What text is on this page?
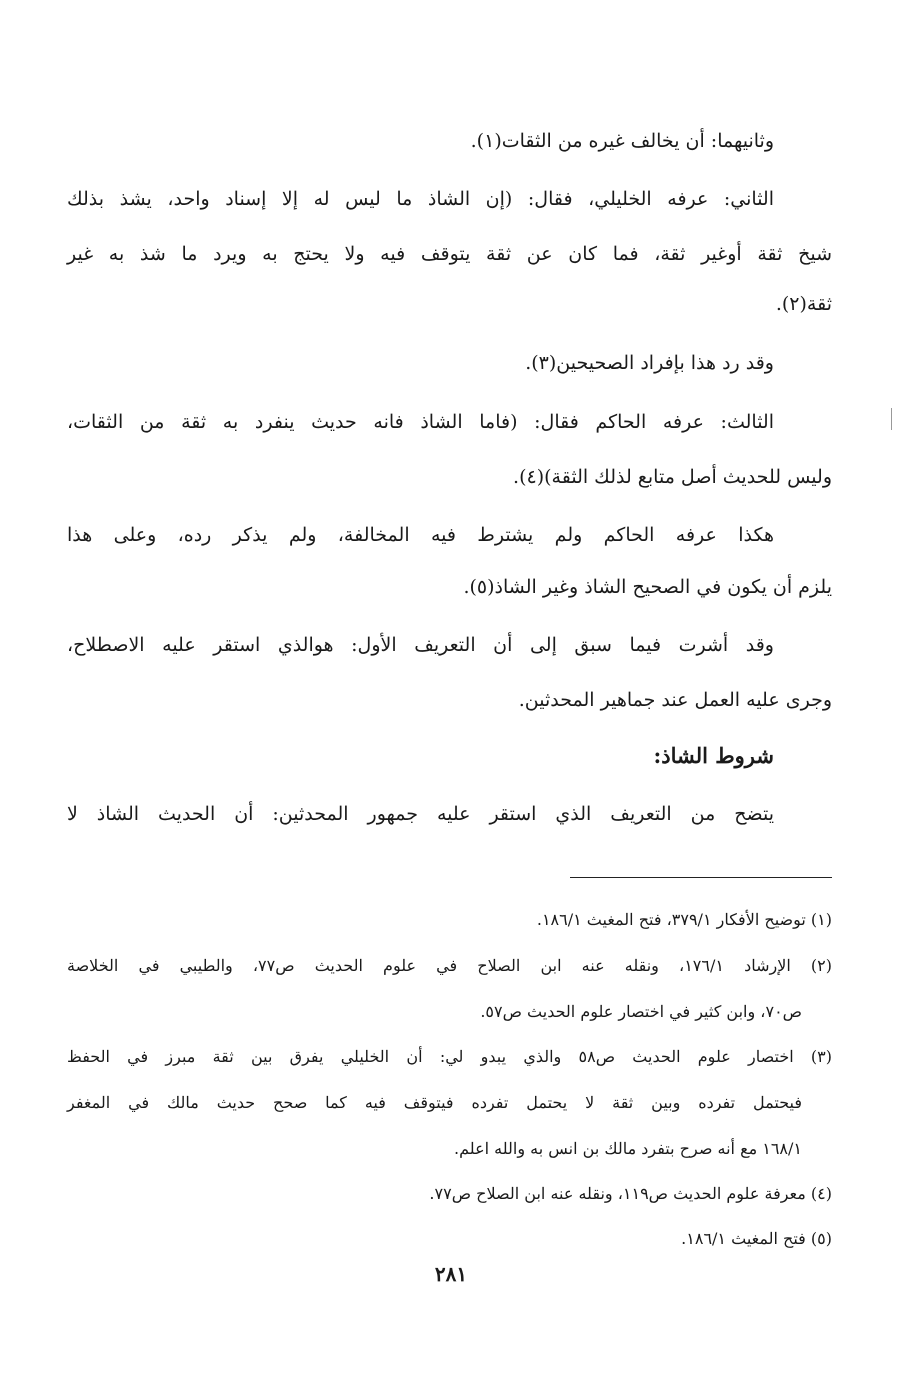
وثانيهما: أن يخالف غيره من الثقات(١).
الثاني: عرفه الخليلي، فقال: (إن الشاذ ما ليس له إلا إسناد واحد، يشذ بذلك
شيخ ثقة أوغير ثقة، فما كان عن ثقة يتوقف فيه ولا يحتج به ويرد ما شذ به غير
ثقة(٢).
وقد رد هذا بإفراد الصحيحين(٣).
الثالث: عرفه الحاكم فقال: (فاما الشاذ فانه حديث ينفرد به ثقة من الثقات،
وليس للحديث أصل متابع لذلك الثقة)(٤).
هكذا عرفه الحاكم ولم يشترط فيه المخالفة، ولم يذكر رده، وعلى هذا
يلزم أن يكون في الصحيح الشاذ وغير الشاذ(٥).
وقد أشرت فيما سبق إلى أن التعريف الأول: هوالذي استقر عليه الاصطلاح،
وجرى عليه العمل عند جماهير المحدثين.
شروط الشاذ:
يتضح من التعريف الذي استقر عليه جمهور المحدثين: أن الحديث الشاذ لا
(١) توضيح الأفكار ٣٧٩/١، فتح المغيث ١٨٦/١.
(٢) الإرشاد ١٧٦/١، ونقله عنه ابن الصلاح في علوم الحديث ص٧٧، والطيبي في الخلاصة
ص٧٠، وابن كثير في اختصار علوم الحديث ص٥٧.
(٣) اختصار علوم الحديث ص٥٨ والذي يبدو لي: أن الخليلي يفرق بين ثقة مبرز في الحفظ
فيحتمل تفرده وبين ثقة لا يحتمل تفرده فيتوقف فيه كما صحح حديث مالك في المغفر
١٦٨/١ مع أنه صرح بتفرد مالك بن انس به والله اعلم.
(٤) معرفة علوم الحديث ص١١٩، ونقله عنه ابن الصلاح ص٧٧.
(٥) فتح المغيث ١٨٦/١.
٢٨١
